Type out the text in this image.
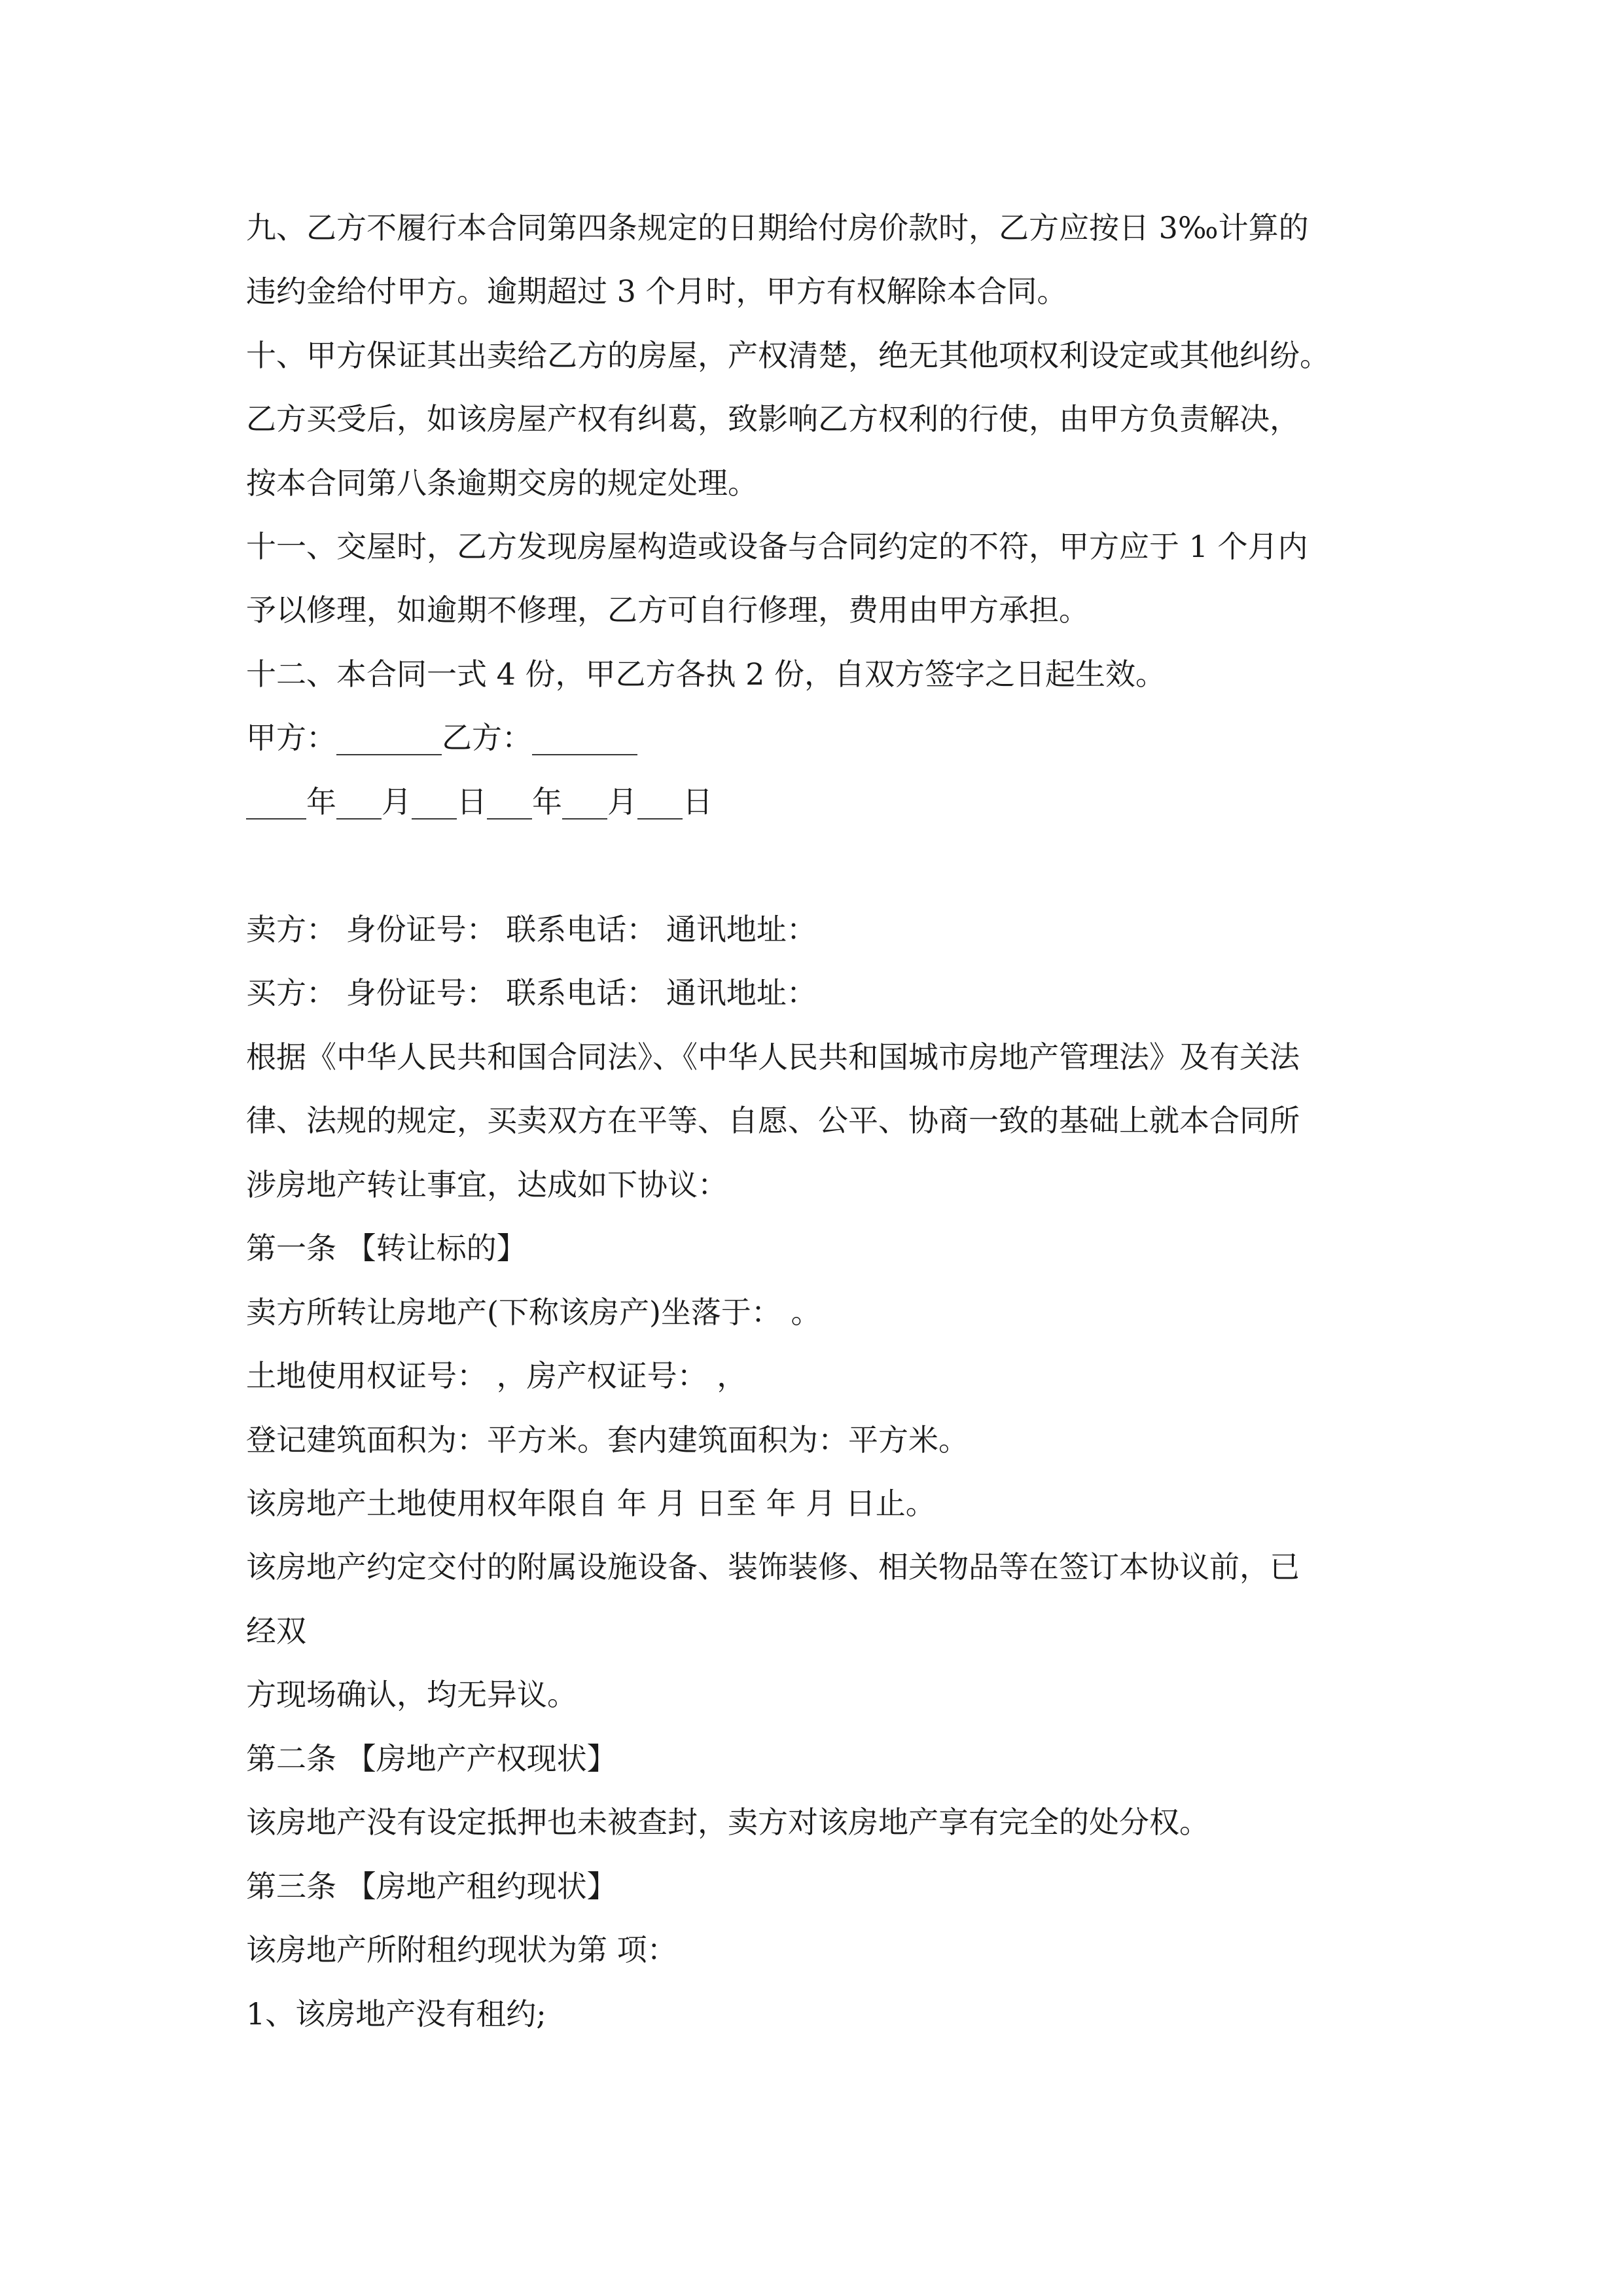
九、乙方不履行本合同第四条规定的日期给付房价款时，乙方应按日 3‰计算的
违约金给付甲方。逾期超过 3 个月时，甲方有权解除本合同。
十、甲方保证其出卖给乙方的房屋，产权清楚，绝无其他项权利设定或其他纠纷。
乙方买受后，如该房屋产权有纠葛，致影响乙方权利的行使，由甲方负责解决，
按本合同第八条逾期交房的规定处理。
十一、交屋时，乙方发现房屋构造或设备与合同约定的不符，甲方应于 1 个月内
予以修理，如逾期不修理，乙方可自行修理，费用由甲方承担。
十二、本合同一式 4 份，甲乙方各执 2 份，自双方签字之日起生效。
甲方：_______乙方：_______
____年___月___日___年___月___日
卖方： 身份证号： 联系电话： 通讯地址：
买方： 身份证号： 联系电话： 通讯地址：
根据《中华人民共和国合同法》、《中华人民共和国城市房地产管理法》及有关法
律、法规的规定，买卖双方在平等、自愿、公平、协商一致的基础上就本合同所
涉房地产转让事宜，达成如下协议：
第一条 【转让标的】
卖方所转让房地产(下称该房产)坐落于： 。
土地使用权证号： ，房产权证号： ，
登记建筑面积为：平方米。套内建筑面积为：平方米。
该房地产土地使用权年限自 年 月 日至 年 月 日止。
该房地产约定交付的附属设施设备、装饰装修、相关物品等在签订本协议前，已
经双
方现场确认，均无异议。
第二条 【房地产产权现状】
该房地产没有设定抵押也未被查封，卖方对该房地产享有完全的处分权。
第三条 【房地产租约现状】
该房地产所附租约现状为第 项：
1、该房地产没有租约;
